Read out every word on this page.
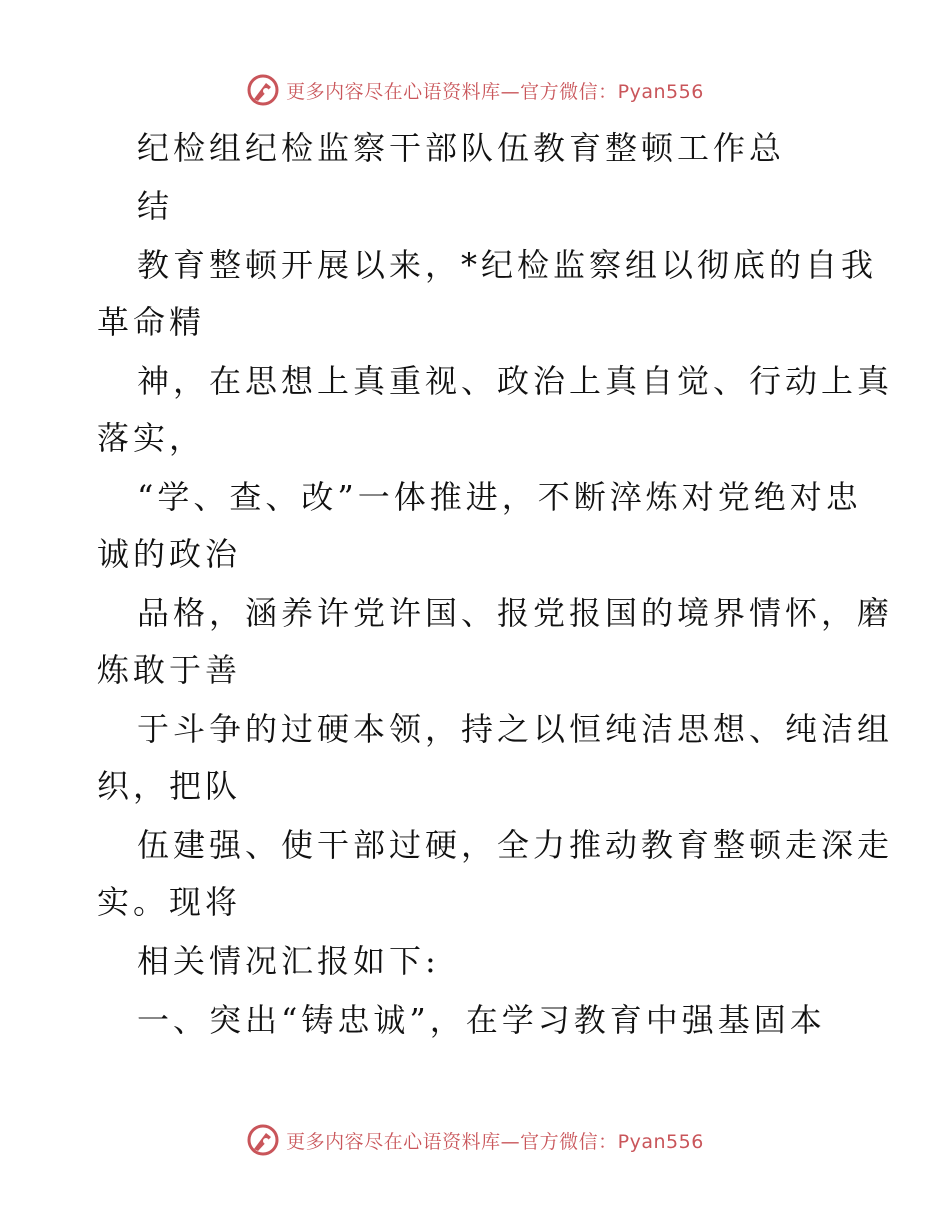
更多内容尽在心语资料库—官方微信：Pyan556
纪检组纪检监察干部队伍教育整顿工作总
结
教育整顿开展以来，*纪检监察组以彻底的自我
革命精
神，在思想上真重视、政治上真自觉、行动上真
落实，
“学、查、改”一体推进，不断淬炼对党绝对忠
诚的政治
品格，涵养许党许国、报党报国的境界情怀，磨
炼敢于善
于斗争的过硬本领，持之以恒纯洁思想、纯洁组
织，把队
伍建强、使干部过硬，全力推动教育整顿走深走
实。现将
相关情况汇报如下:
一、突出“铸忠诚”，在学习教育中强基固本
更多内容尽在心语资料库—官方微信：Pyan556
